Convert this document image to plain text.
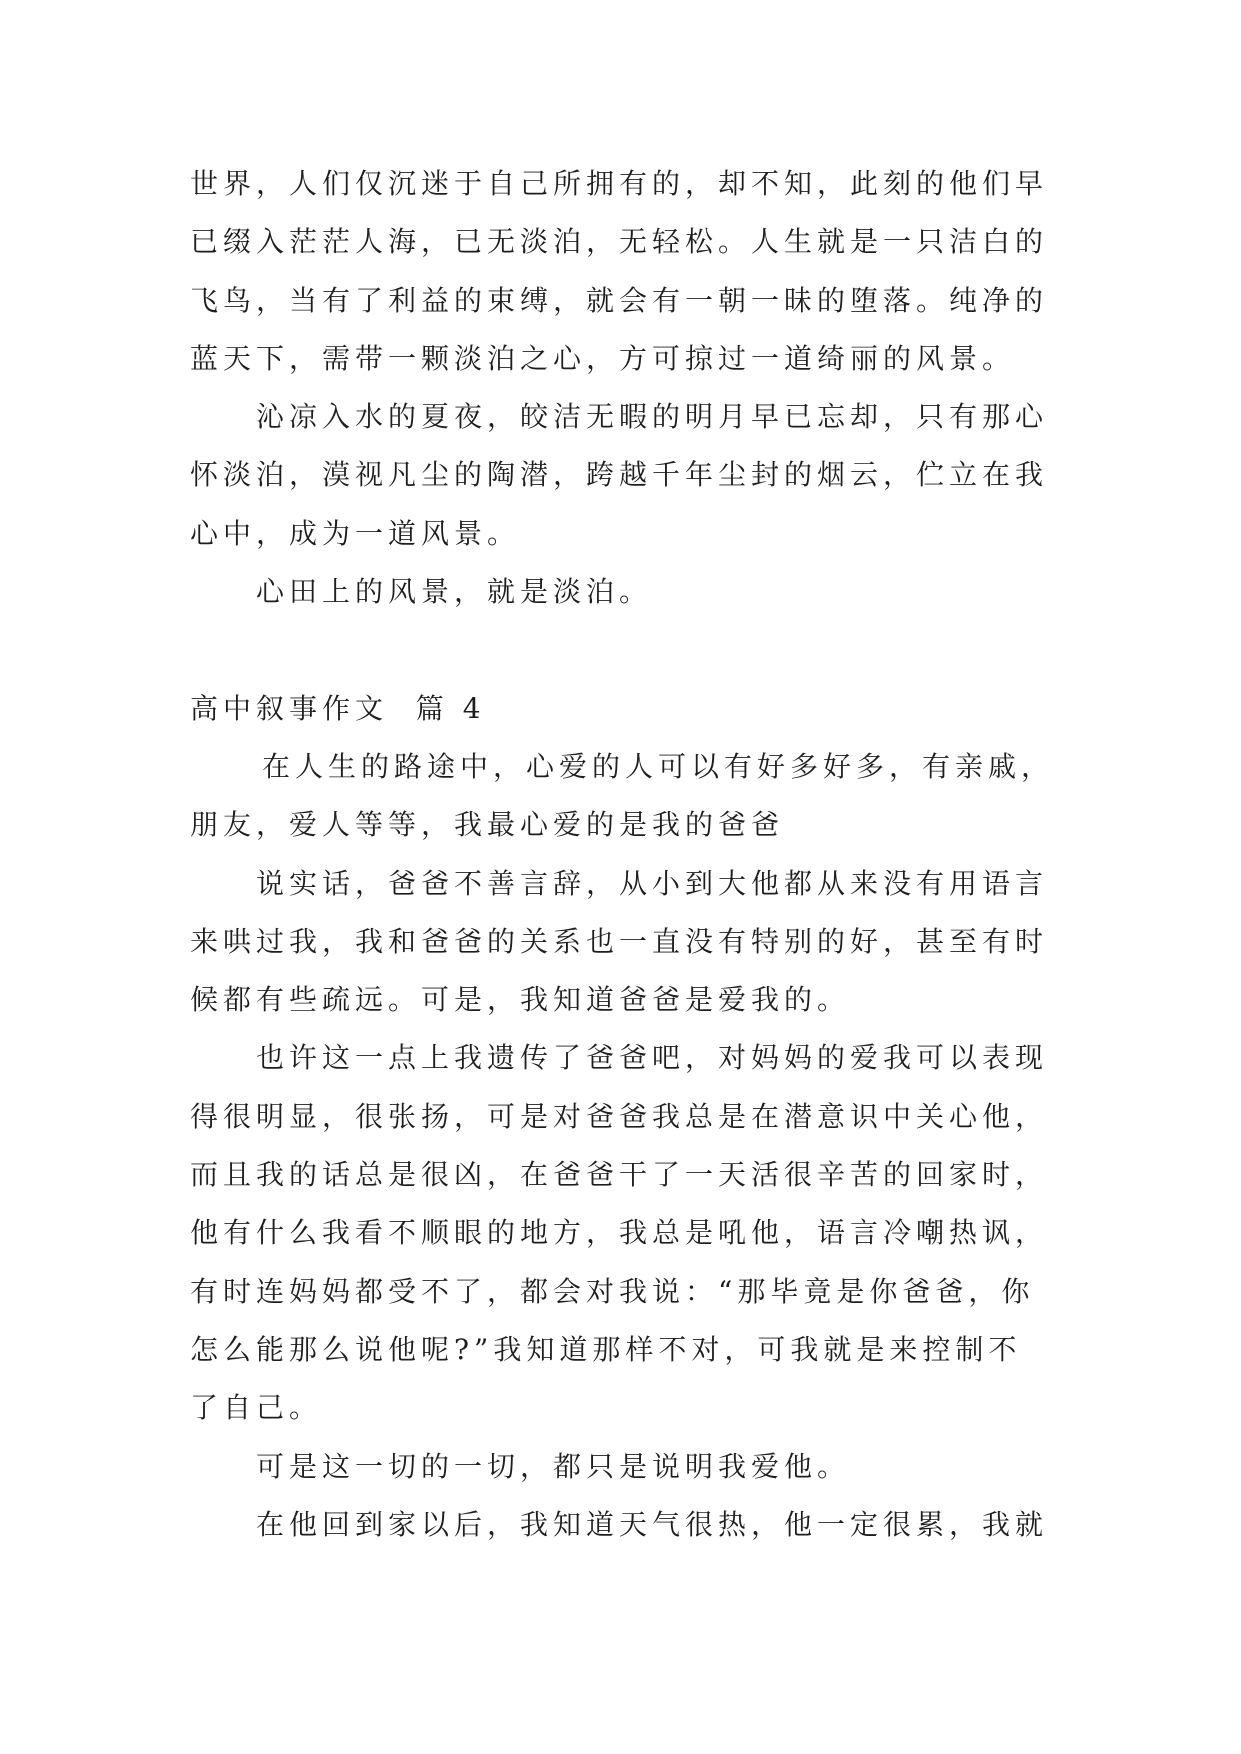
世界，人们仅沉迷于自己所拥有的，却不知，此刻的他们早
已缀入茫茫人海，已无淡泊，无轻松。人生就是一只洁白的
飞鸟，当有了利益的束缚，就会有一朝一昧的堕落。纯净的
蓝天下，需带一颗淡泊之心，方可掠过一道绮丽的风景。
沁凉入水的夏夜，皎洁无暇的明月早已忘却，只有那心
怀淡泊，漠视凡尘的陶潜，跨越千年尘封的烟云，伫立在我
心中，成为一道风景。
心田上的风景，就是淡泊。
高中叙事作文  篇 4
在人生的路途中，心爱的人可以有好多好多，有亲戚，
朋友，爱人等等，我最心爱的是我的爸爸
说实话，爸爸不善言辞，从小到大他都从来没有用语言
来哄过我，我和爸爸的关系也一直没有特别的好，甚至有时
候都有些疏远。可是，我知道爸爸是爱我的。
也许这一点上我遗传了爸爸吧，对妈妈的爱我可以表现
得很明显，很张扬，可是对爸爸我总是在潜意识中关心他，
而且我的话总是很凶，在爸爸干了一天活很辛苦的回家时，
他有什么我看不顺眼的地方，我总是吼他，语言冷嘲热讽，
有时连妈妈都受不了，都会对我说：“那毕竟是你爸爸，你
怎么能那么说他呢?”我知道那样不对，可我就是来控制不
了自己。
可是这一切的一切，都只是说明我爱他。
在他回到家以后，我知道天气很热，他一定很累，我就
